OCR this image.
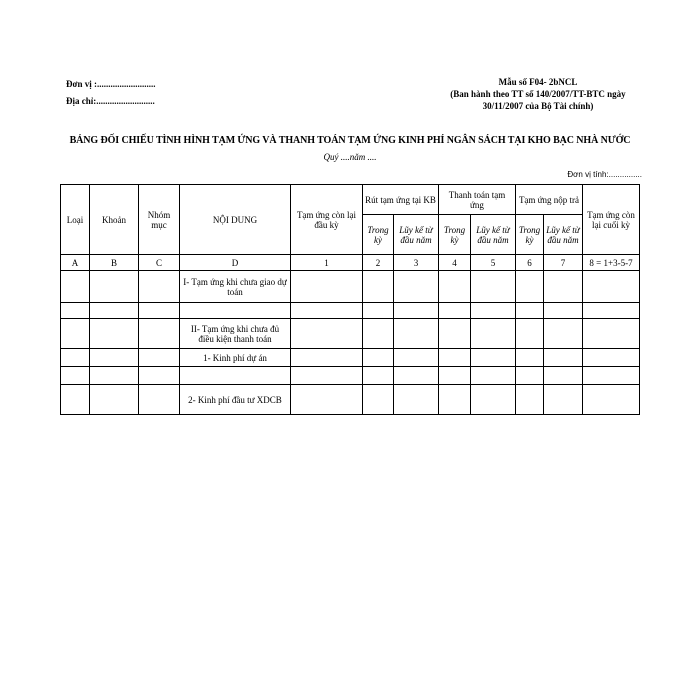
Đơn vị :..........................
Địa chỉ:..........................
Mẫu số F04- 2bNCL
(Ban hành theo TT số 140/2007/TT-BTC ngày
30/11/2007 của Bộ Tài chính)
BẢNG ĐỐI CHIẾU TÌNH HÌNH TẠM ỨNG VÀ THANH TOÁN TẠM ỨNG KINH PHÍ NGÂN SÁCH TẠI KHO BẠC NHÀ NƯỚC
Quý ....năm ....
Đơn vị tính:...............
Loại	Khoản	Nhóm mục	NỘI DUNG	Tạm ứng còn lại đầu kỳ	Rút tạm ứng tại KB		Thanh toán tạm ứng		Tạm ứng nộp trả		Tạm ứng còn lại cuối kỳ
					Trong kỳ	Lũy kế từ đầu năm	Trong kỳ	Lũy kế từ đầu năm	Trong kỳ	Lũy kế từ đầu năm	
A	B	C	D	1	2	3	4	5	6	7	8 = 1+3-5-7
			I- Tạm ứng khi chưa giao dự toán								

			II- Tạm ứng khi chưa đủ điều kiện thanh toán								
			1- Kinh phí dự án								

			2- Kinh phí đầu tư XDCB								
